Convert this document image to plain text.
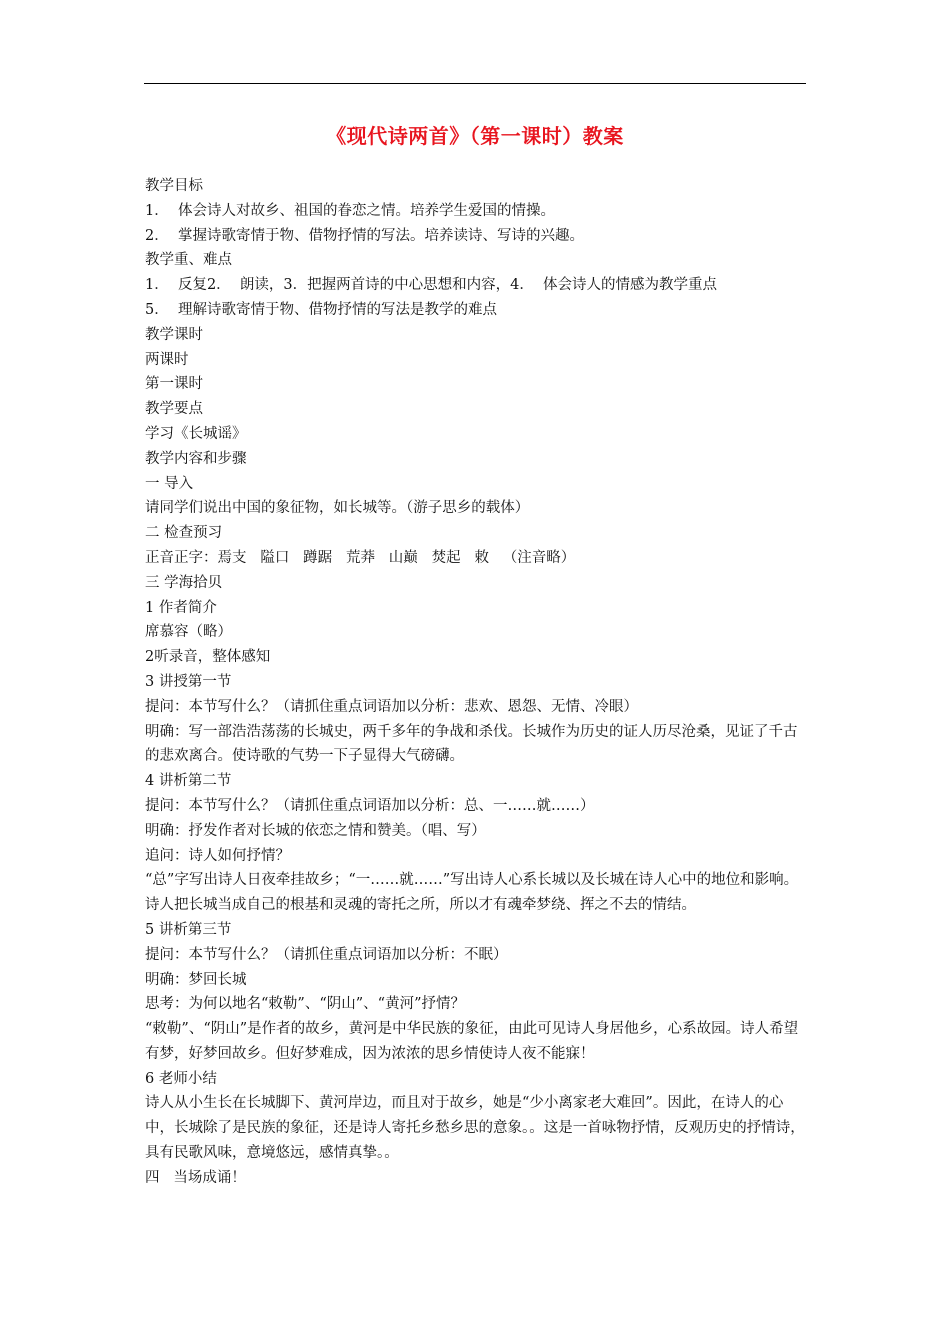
《现代诗两首》（第一课时）教案

教学目标

1．  体会诗人对故乡、祖国的眷恋之情。培养学生爱国的情操。

2．  掌握诗歌寄情于物、借物抒情的写法。培养读诗、写诗的兴趣。

教学重、难点

1．  反复2．  朗读，3．把握两首诗的中心思想和内容，4．  体会诗人的情感为教学重点

5．  理解诗歌寄情于物、借物抒情的写法是教学的难点

教学课时

两课时

第一课时

教学要点

学习《长城谣》

教学内容和步骤

一 导入

请同学们说出中国的象征物，如长城等。（游子思乡的载体）

二 检查预习

正音正字：焉支   隘口   蹲踞   荒莽   山巅   焚起   敕   （注音略）

三 学海拾贝

1 作者简介

席慕容（略）

2听录音，整体感知

3 讲授第一节

提问：本节写什么？（请抓住重点词语加以分析：悲欢、恩怨、无情、冷眼）

明确：写一部浩浩荡荡的长城史，两千多年的争战和杀伐。长城作为历史的证人历尽沧桑，见证了千古的悲欢离合。使诗歌的气势一下子显得大气磅礴。

4 讲析第二节

提问：本节写什么？（请抓住重点词语加以分析：总、一……就……）

明确：抒发作者对长城的依恋之情和赞美。（唱、写）

追问：诗人如何抒情？

“总”字写出诗人日夜牵挂故乡；“一……就……”写出诗人心系长城以及长城在诗人心中的地位和影响。诗人把长城当成自己的根基和灵魂的寄托之所，所以才有魂牵梦绕、挥之不去的情结。

5 讲析第三节

提问：本节写什么？（请抓住重点词语加以分析：不眠）

明确：梦回长城

思考：为何以地名“敕勒”、“阴山”、“黄河”抒情？

“敕勒”、“阴山”是作者的故乡，黄河是中华民族的象征，由此可见诗人身居他乡，心系故园。诗人希望有梦，好梦回故乡。但好梦难成，因为浓浓的思乡情使诗人夜不能寐！

6 老师小结

诗人从小生长在长城脚下、黄河岸边，而且对于故乡，她是“少小离家老大难回”。因此，在诗人的心中，长城除了是民族的象征，还是诗人寄托乡愁乡思的意象。。这是一首咏物抒情，反观历史的抒情诗，具有民歌风味，意境悠远，感情真挚。。

四   当场成诵！
